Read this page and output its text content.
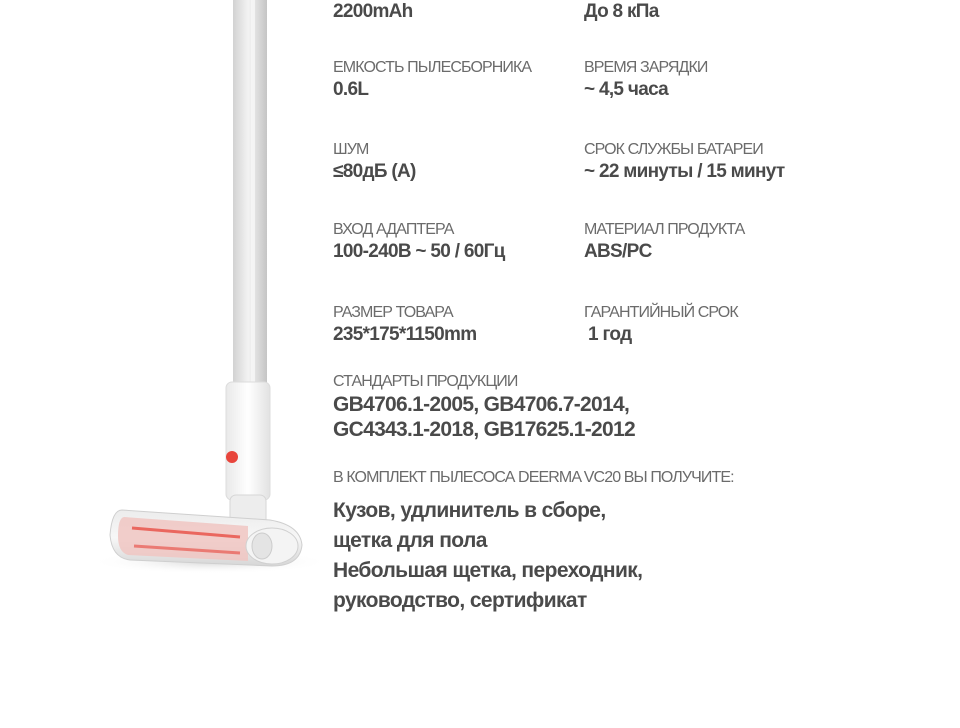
2200mAh	До 8 кПа
ЕМКОСТЬ ПЫЛЕСБОРНИКА
0.6L
ВРЕМЯ ЗАРЯДКИ
~ 4,5 часа
ШУМ
≤80дБ (A)
СРОК СЛУЖБЫ БАТАРЕИ
~ 22 минуты / 15 минут
ВХОД АДАПТЕРА
100-240В ~ 50 / 60Гц
МАТЕРИАЛ ПРОДУКТА
ABS/PC
РАЗМЕР ТОВАРА
235*175*1150mm
ГАРАНТИЙНЫЙ СРОК
1 год
СТАНДАРТЫ ПРОДУКЦИИ
GB4706.1-2005, GB4706.7-2014,
GC4343.1-2018, GB17625.1-2012
В КОМПЛЕКТ ПЫЛЕСОСА DEERMA VC20 ВЫ ПОЛУЧИТЕ:
Кузов, удлинитель в сборе,
щетка для пола
Небольшая щетка, переходник,
руководство, сертификат
